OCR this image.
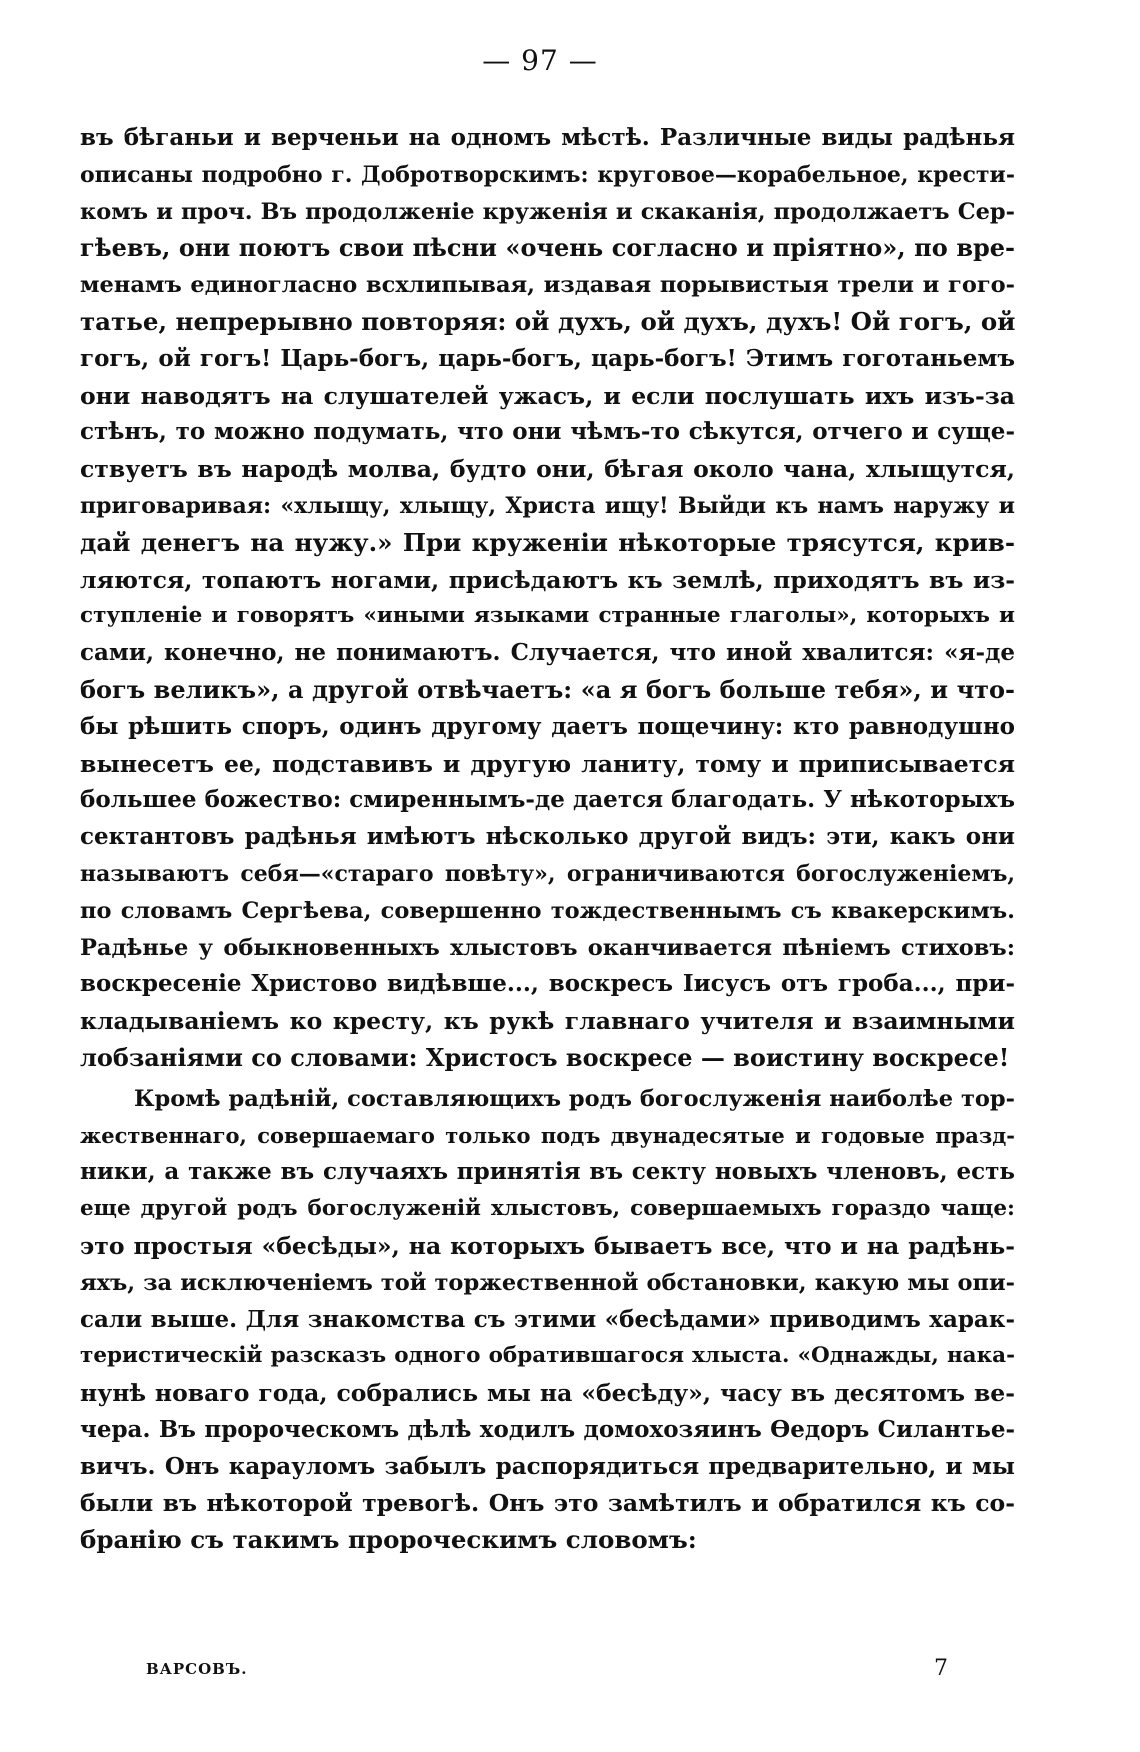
— 97 —
въ бѣганьи и верченьи на одномъ мѣстѣ. Различные виды радѣнья
описаны подробно г. Добротворскимъ: круговое—корабельное, крести-
комъ и проч. Въ продолженіе круженія и скаканія, продолжаетъ Сер-
гѣевъ, они поютъ свои пѣсни «очень согласно и пріятно», по вре-
менамъ единогласно всхлипывая, издавая порывистыя трели и гого-
татье, непрерывно повторяя: ой духъ, ой духъ, духъ! Ой гогъ, ой
гогъ, ой гогъ! Царь-богъ, царь-богъ, царь-богъ! Этимъ гоготаньемъ
они наводятъ на слушателей ужасъ, и если послушать ихъ изъ-за
стѣнъ, то можно подумать, что они чѣмъ-то сѣкутся, отчего и суще-
ствуетъ въ народѣ молва, будто они, бѣгая около чана, хлыщутся,
приговаривая: «хлыщу, хлыщу, Христа ищу! Выйди къ намъ наружу и
дай денегъ на нужу.» При круженіи нѣкоторые трясутся, крив-
ляются, топаютъ ногами, присѣдаютъ къ землѣ, приходятъ въ из-
ступленіе и говорятъ «иными языками странные глаголы», которыхъ и
сами, конечно, не понимаютъ. Случается, что иной хвалится: «я-де
богъ великъ», а другой отвѣчаетъ: «а я богъ больше тебя», и что-
бы рѣшить споръ, одинъ другому даетъ пощечину: кто равнодушно
вынесетъ ее, подставивъ и другую ланиту, тому и приписывается
большее божество: смиреннымъ-де дается благодать. У нѣкоторыхъ
сектантовъ радѣнья имѣютъ нѣсколько другой видъ: эти, какъ они
называютъ себя—«стараго повѣту», ограничиваются богослуженіемъ,
по словамъ Сергѣева, совершенно тождественнымъ съ квакерскимъ.
Радѣнье у обыкновенныхъ хлыстовъ оканчивается пѣніемъ стиховъ:
воскресеніе Христово видѣвше..., воскресъ Іисусъ отъ гроба..., при-
кладываніемъ ко кресту, къ рукѣ главнаго учителя и взаимными
лобзаніями со словами: Христосъ воскресе — воистину воскресе!
Кромѣ радѣній, составляющихъ родъ богослуженія наиболѣе тор-
жественнаго, совершаемаго только подъ двунадесятые и годовые празд-
ники, а также въ случаяхъ принятія въ секту новыхъ членовъ, есть
еще другой родъ богослуженій хлыстовъ, совершаемыхъ гораздо чаще:
это простыя «бесѣды», на которыхъ бываетъ все, что и на радѣнь-
яхъ, за исключеніемъ той торжественной обстановки, какую мы опи-
сали выше. Для знакомства съ этими «бесѣдами» приводимъ харак-
теристическій разсказъ одного обратившагося хлыста. «Однажды, нака-
нунѣ новаго года, собрались мы на «бесѣду», часу въ десятомъ ве-
чера. Въ пророческомъ дѣлѣ ходилъ домохозяинъ Ѳедоръ Силантье-
вичъ. Онъ карауломъ забылъ распорядиться предварительно, и мы
были въ нѣкоторой тревогѣ. Онъ это замѣтилъ и обратился къ со-
бранію съ такимъ пророческимъ словомъ:
ВАРСОВЪ.	7
